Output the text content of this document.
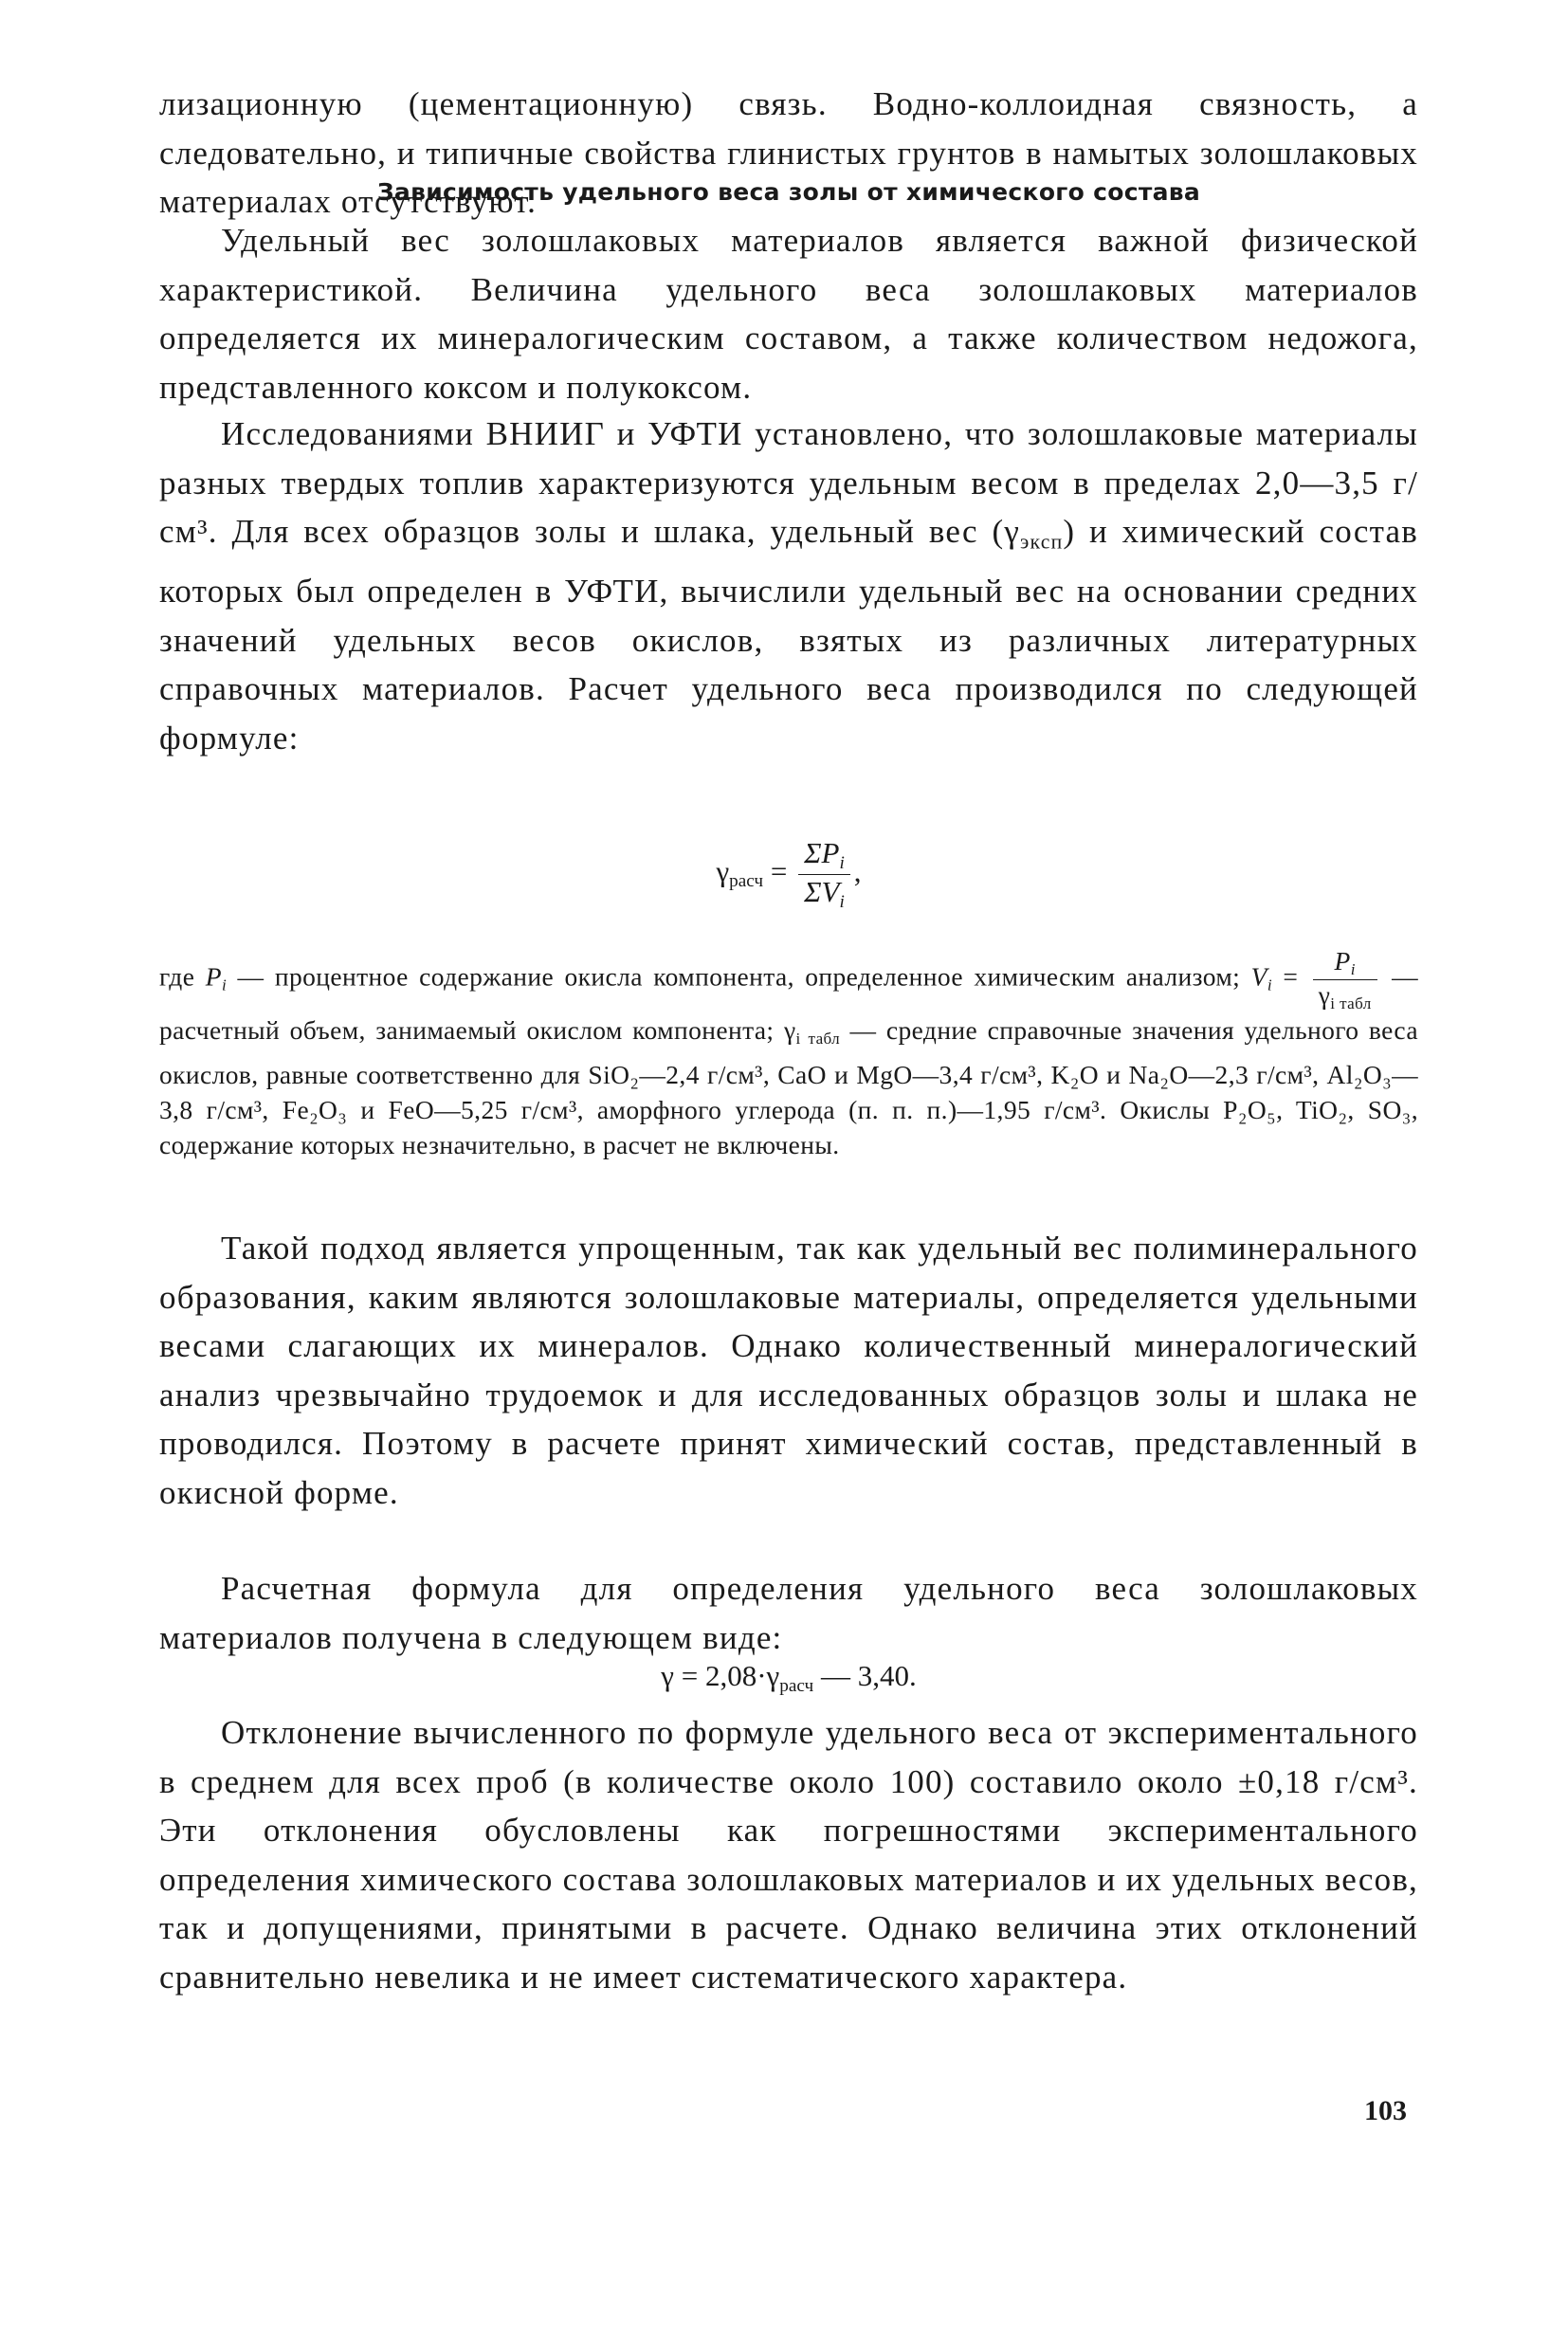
лизационную (цементационную) связь. Водно-коллоидная связность, а следовательно, и типичные свойства глинистых грунтов в намытых золошлаковых материалах отсутствуют.

Зависимость удельного веса золы от химического состава

Удельный вес золошлаковых материалов является важной физической характеристикой. Величина удельного веса золошлаковых материалов определяется их минералогическим составом, а также количеством недожога, представленного коксом и полукоксом.

Исследованиями ВНИИГ и УФТИ установлено, что золошлаковые материалы разных твердых топлив характеризуются удельным весом в пределах 2,0—3,5 г/см³. Для всех образцов золы и шлака, удельный вес $(\gamma_{эксп})$ и химический состав которых был определен в УФТИ, вычислили удельный вес на основании средних значений удельных весов окислов, взятых из различных литературных справочных материалов. Расчет удельного веса производился по следующей формуле:

$\gamma_{расч} = \frac{\Sigma P_i}{\Sigma V_i}$ ,

где $P_i$ — процентное содержание окисла компонента, определенное химическим анализом; $V_i = \frac{P_i}{\gamma_{i табл}}$ — расчетный объем, занимаемый окислом компонента; $\gamma_{i табл}$ — средние справочные значения удельного веса окислов, равные соответственно для SiO₂—2,4 г/см³, CaO и MgO—3,4 г/см³, K₂O и Na₂O—2,3 г/см³, Al₂O₃—3,8 г/см³, Fe₂O₃ и FeO—5,25 г/см³, аморфного углерода (п. п. п.)—1,95 г/см³. Окислы P₂O₅, TiO₂, SO₃, содержание которых незначительно, в расчет не включены.

Такой подход является упрощенным, так как удельный вес полиминерального образования, каким являются золошлаковые материалы, определяется удельными весами слагающих их минералов. Однако количественный минералогический анализ чрезвычайно трудоемок и для исследованных образцов золы и шлака не проводился. Поэтому в расчете принят химический состав, представленный в окисной форме.

Расчетная формула для определения удельного веса золошлаковых материалов получена в следующем виде:

$\gamma = 2,08\cdot\gamma_{расч}$ — 3,40.

Отклонение вычисленного по формуле удельного веса от экспериментального в среднем для всех проб (в количестве около 100) составило около ±0,18 г/см³. Эти отклонения обусловлены как погрешностями экспериментального определения химического состава золошлаковых материалов и их удельных весов, так и допущениями, принятыми в расчете. Однако величина этих отклонений сравнительно невелика и не имеет систематического характера.

103
